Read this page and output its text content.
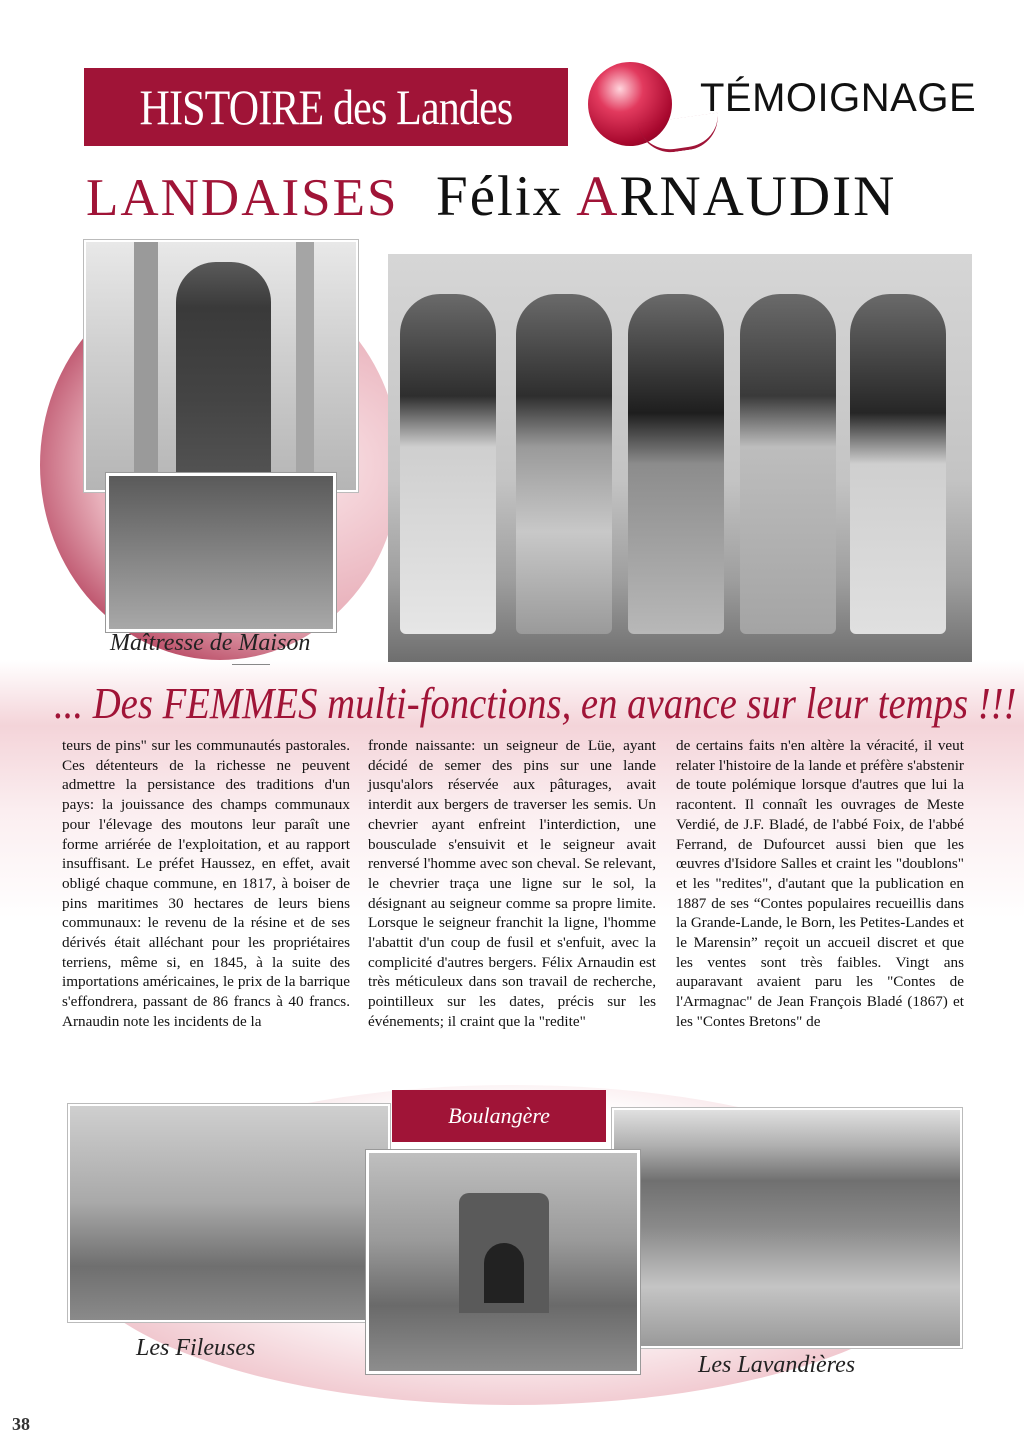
HISTOIRE des Landes	TÉMOIGNAGE
LANDAISES Félix ARNAUDIN
Maîtresse de Maison
... Des FEMMES multi-fonctions, en avance sur leur temps !!!
teurs de pins" sur les communautés pastorales. Ces détenteurs de la richesse ne peuvent admettre la persistance des traditions d'un pays: la jouissance des champs communaux pour l'élevage des moutons leur paraît une forme arriérée de l'exploitation, et au rapport insuffisant. Le préfet Haussez, en effet, avait obligé chaque commune, en 1817, à boiser de pins maritimes 30 hectares de leurs biens communaux: le revenu de la résine et de ses dérivés était alléchant pour les propriétaires terriens, même si, en 1845, à la suite des importations américaines, le prix de la barrique s'effondrera, passant de 86 francs à 40 francs. Arnaudin note les incidents de la
fronde naissante: un seigneur de Lüe, ayant décidé de semer des pins sur une lande jusqu'alors réservée aux pâturages, avait interdit aux bergers de traverser les semis. Un chevrier ayant enfreint l'interdiction, une bousculade s'ensuivit et le seigneur avait renversé l'homme avec son cheval. Se relevant, le chevrier traça une ligne sur le sol, la désignant au seigneur comme sa propre limite. Lorsque le seigneur franchit la ligne, l'homme l'abattit d'un coup de fusil et s'enfuit, avec la complicité d'autres bergers. Félix Arnaudin est très méticuleux dans son travail de recherche, pointilleux sur les dates, précis sur les événements; il craint que la "redite"
de certains faits n'en altère la véracité, il veut relater l'histoire de la lande et préfère s'abstenir de toute polémique lorsque d'autres que lui la racontent. Il connaît les ouvrages de Meste Verdié, de J.F. Bladé, de l'abbé Foix, de l'abbé Ferrand, de Dufourcet aussi bien que les œuvres d'Isidore Salles et craint les "doublons" et les "redites", d'autant que la publication en 1887 de ses “Contes populaires recueillis dans la Grande-Lande, le Born, les Petites-Landes et le Marensin” reçoit un accueil discret et que les ventes sont très faibles. Vingt ans auparavant avaient paru les "Contes de l'Armagnac" de Jean François Bladé (1867) et les "Contes Bretons" de
Boulangère
Les Fileuses
Les Lavandières
38
